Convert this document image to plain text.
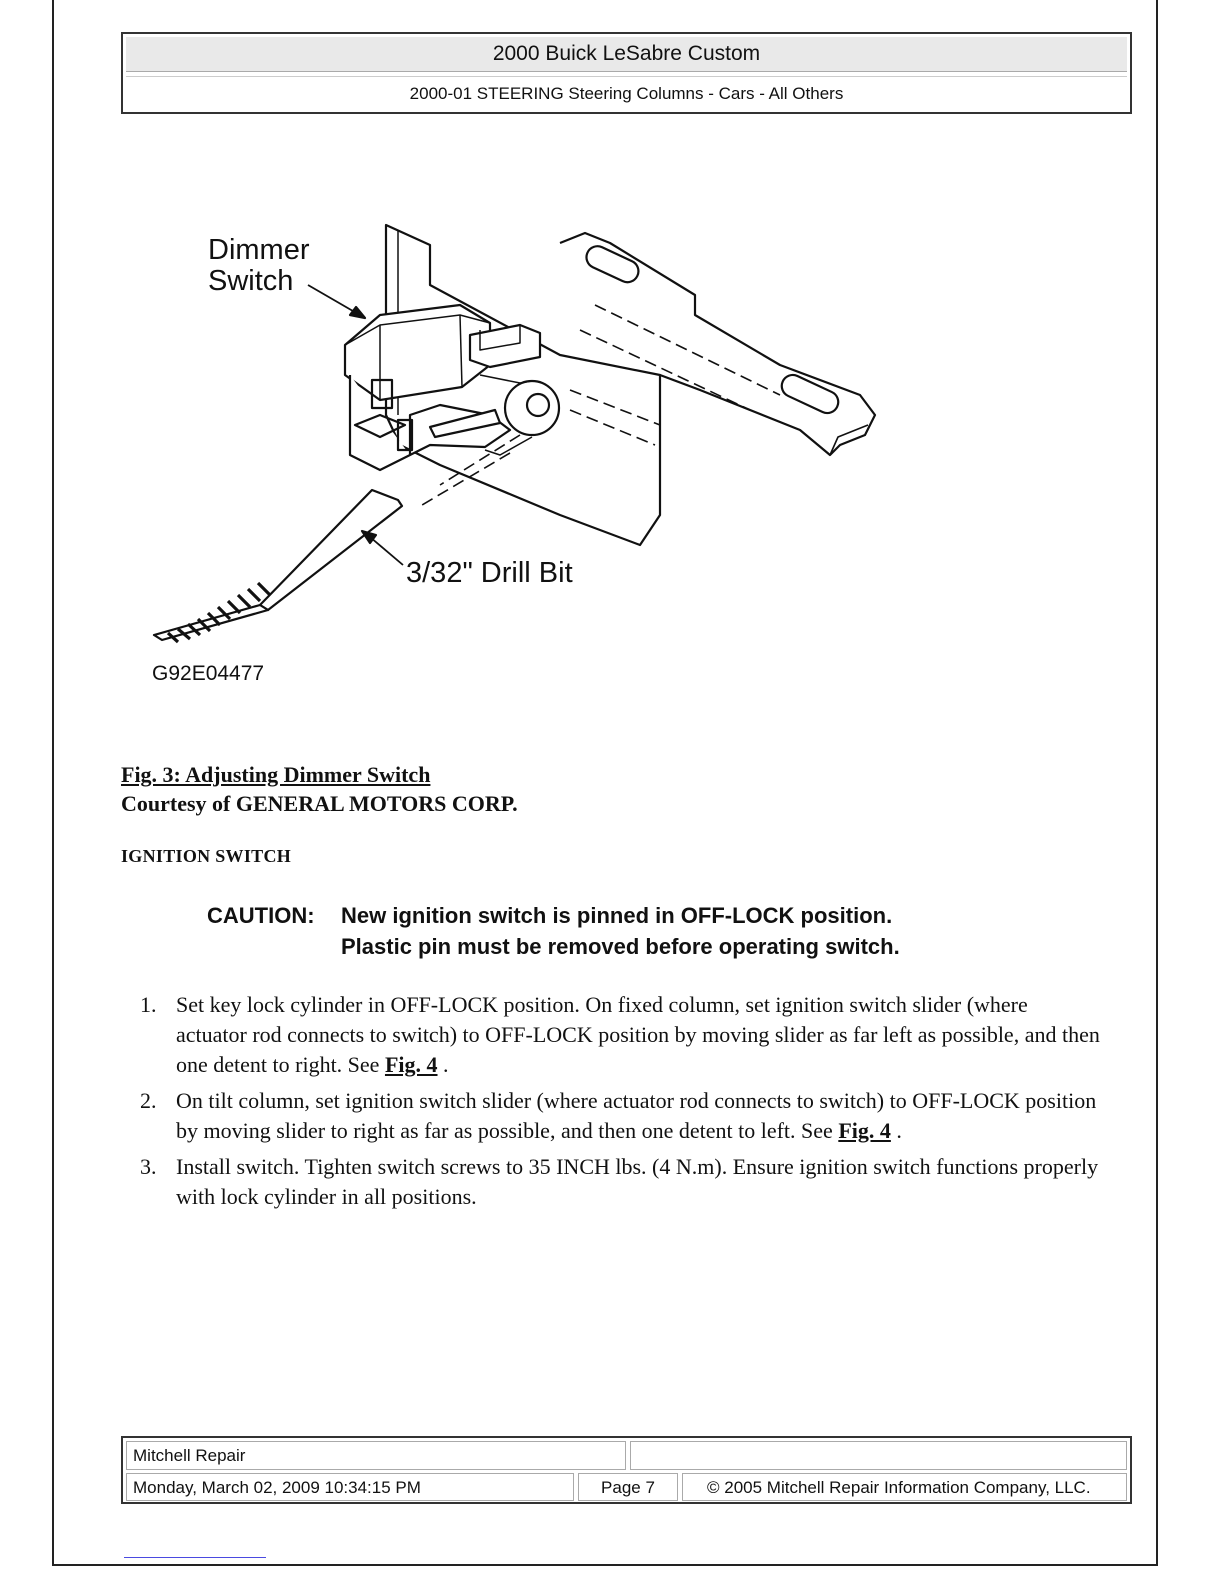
2000 Buick LeSabre Custom
2000-01 STEERING Steering Columns - Cars - All Others
Dimmer
Switch
3/32" Drill Bit
G92E04477
Fig. 3: Adjusting Dimmer Switch
Courtesy of GENERAL MOTORS CORP.
IGNITION SWITCH
CAUTION: New ignition switch is pinned in OFF-LOCK position.
Plastic pin must be removed before operating switch.
1. Set key lock cylinder in OFF-LOCK position. On fixed column, set ignition switch slider (where actuator rod connects to switch) to OFF-LOCK position by moving slider as far left as possible, and then one detent to right. See Fig. 4 .
2. On tilt column, set ignition switch slider (where actuator rod connects to switch) to OFF-LOCK position by moving slider to right as far as possible, and then one detent to left. See Fig. 4 .
3. Install switch. Tighten switch screws to 35 INCH lbs. (4 N.m). Ensure ignition switch functions properly with lock cylinder in all positions.
Mitchell Repair
Monday, March 02, 2009 10:34:15 PM	Page 7	© 2005 Mitchell Repair Information Company, LLC.
